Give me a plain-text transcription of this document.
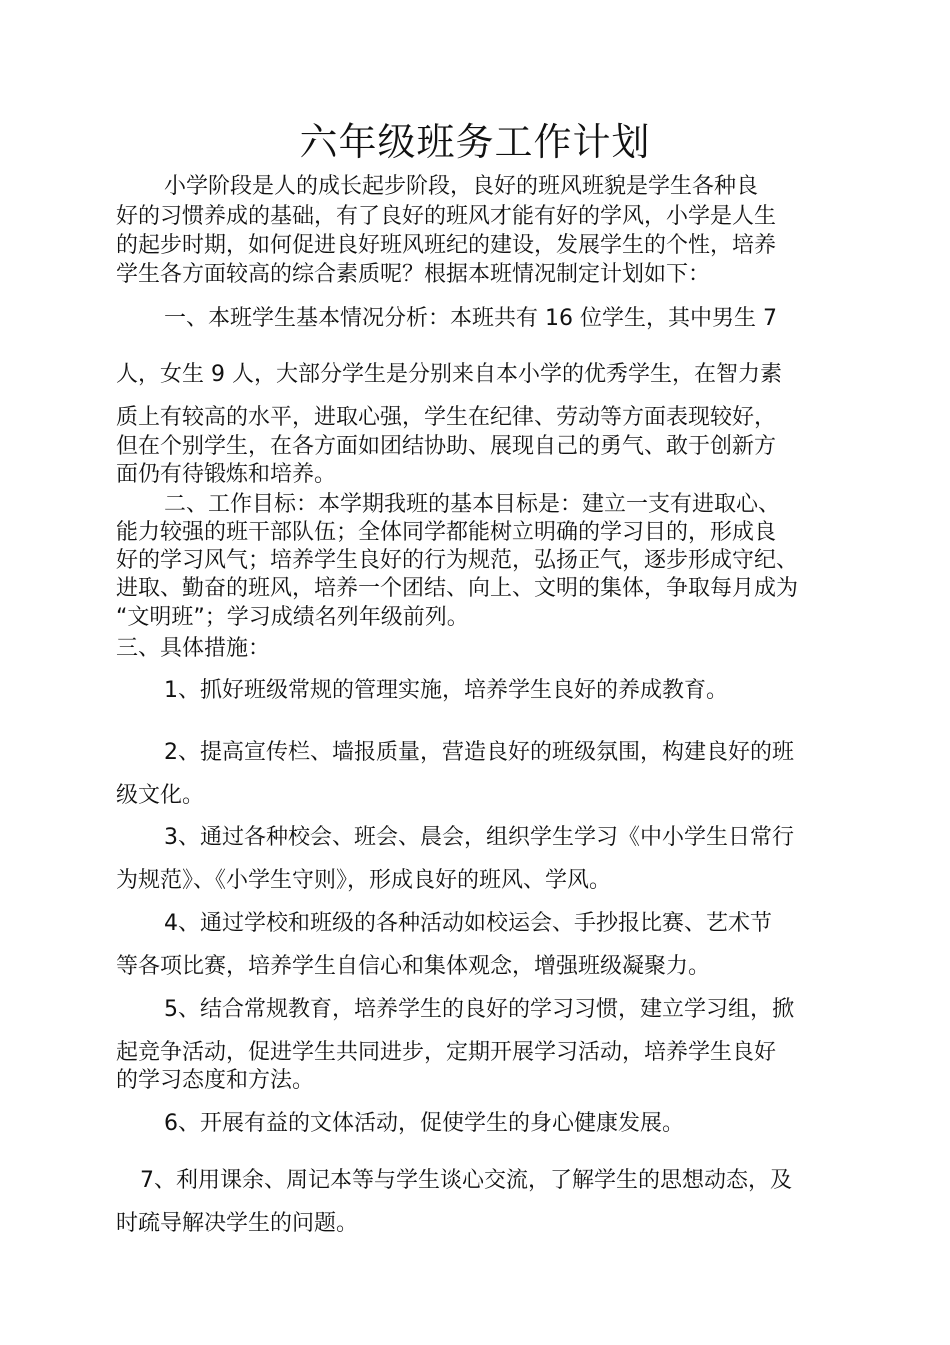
六年级班务工作计划
小学阶段是人的成长起步阶段，良好的班风班貌是学生各种良
好的习惯养成的基础，有了良好的班风才能有好的学风，小学是人生
的起步时期，如何促进良好班风班纪的建设，发展学生的个性，培养
学生各方面较高的综合素质呢？根据本班情况制定计划如下：
一、本班学生基本情况分析：本班共有 16 位学生，其中男生 7
人，女生 9 人，大部分学生是分别来自本小学的优秀学生，在智力素
质上有较高的水平，进取心强，学生在纪律、劳动等方面表现较好，
但在个别学生，在各方面如团结协助、展现自己的勇气、敢于创新方
面仍有待锻炼和培养。
二、工作目标：本学期我班的基本目标是：建立一支有进取心、
能力较强的班干部队伍；全体同学都能树立明确的学习目的，形成良
好的学习风气；培养学生良好的行为规范，弘扬正气，逐步形成守纪、
进取、勤奋的班风，培养一个团结、向上、文明的集体，争取每月成为
“文明班”；学习成绩名列年级前列。
三、具体措施：
1、抓好班级常规的管理实施，培养学生良好的养成教育。
2、提高宣传栏、墙报质量，营造良好的班级氛围，构建良好的班
级文化。
3、通过各种校会、班会、晨会，组织学生学习《中小学生日常行
为规范》、《小学生守则》，形成良好的班风、学风。
4、通过学校和班级的各种活动如校运会、手抄报比赛、艺术节
等各项比赛，培养学生自信心和集体观念，增强班级凝聚力。
5、结合常规教育，培养学生的良好的学习习惯，建立学习组，掀
起竞争活动，促进学生共同进步，定期开展学习活动，培养学生良好
的学习态度和方法。
6、开展有益的文体活动，促使学生的身心健康发展。
7、利用课余、周记本等与学生谈心交流，了解学生的思想动态，及
时疏导解决学生的问题。
